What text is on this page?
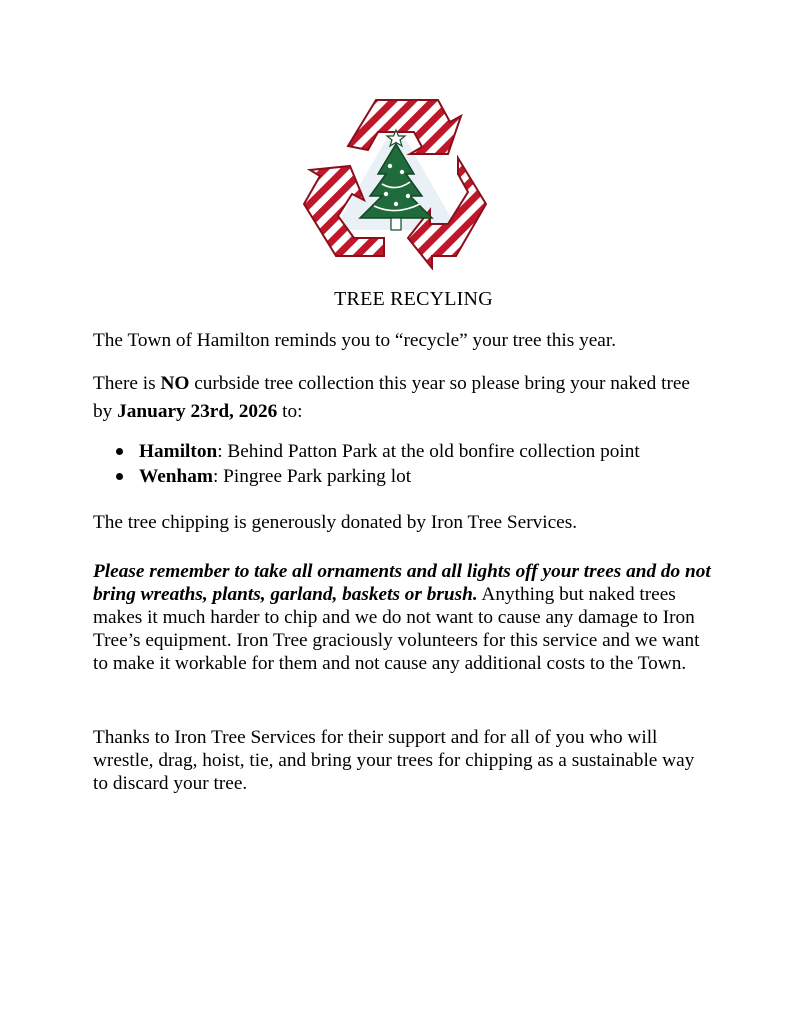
TREE RECYLING

The Town of Hamilton reminds you to “recycle” your tree this year.

There is NO curbside tree collection this year so please bring your naked tree by January 23rd, 2026 to:

Hamilton: Behind Patton Park at the old bonfire collection point
Wenham: Pingree Park parking lot

The tree chipping is generously donated by Iron Tree Services.

Please remember to take all ornaments and all lights off your trees and do not bring wreaths, plants, garland, baskets or brush. Anything but naked trees makes it much harder to chip and we do not want to cause any damage to Iron Tree’s equipment. Iron Tree graciously volunteers for this service and we want to make it workable for them and not cause any additional costs to the Town.

Thanks to Iron Tree Services for their support and for all of you who will wrestle, drag, hoist, tie, and bring your trees for chipping as a sustainable way to discard your tree.
